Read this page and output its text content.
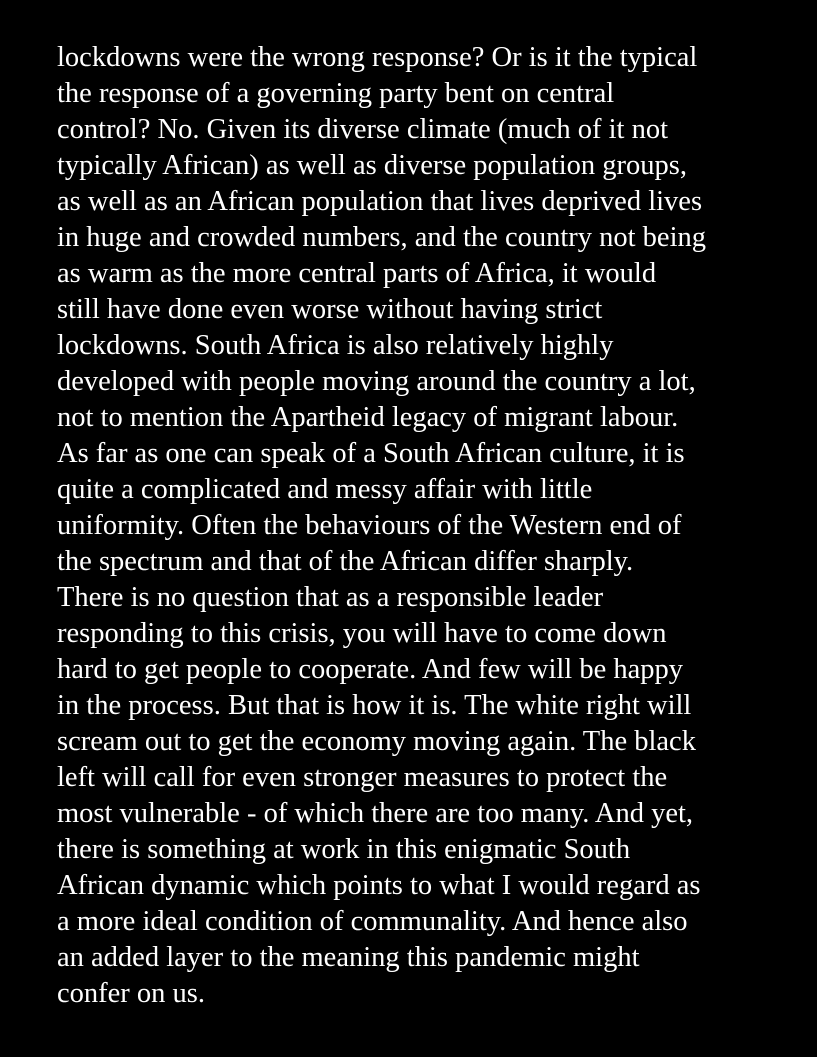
lockdowns were the wrong response? Or is it the typical
the response of a governing party bent on central
control? No. Given its diverse climate (much of it not
typically African) as well as diverse population groups,
as well as an African population that lives deprived lives
in huge and crowded numbers, and the country not being
as warm as the more central parts of Africa, it would
still have done even worse without having strict
lockdowns. South Africa is also relatively highly
developed with people moving around the country a lot,
not to mention the Apartheid legacy of migrant labour.
As far as one can speak of a South African culture, it is
quite a complicated and messy affair with little
uniformity. Often the behaviours of the Western end of
the spectrum and that of the African differ sharply.
There is no question that as a responsible leader
responding to this crisis, you will have to come down
hard to get people to cooperate. And few will be happy
in the process. But that is how it is. The white right will
scream out to get the economy moving again. The black
left will call for even stronger measures to protect the
most vulnerable - of which there are too many. And yet,
there is something at work in this enigmatic South
African dynamic which points to what I would regard as
a more ideal condition of communality. And hence also
an added layer to the meaning this pandemic might
confer on us.
